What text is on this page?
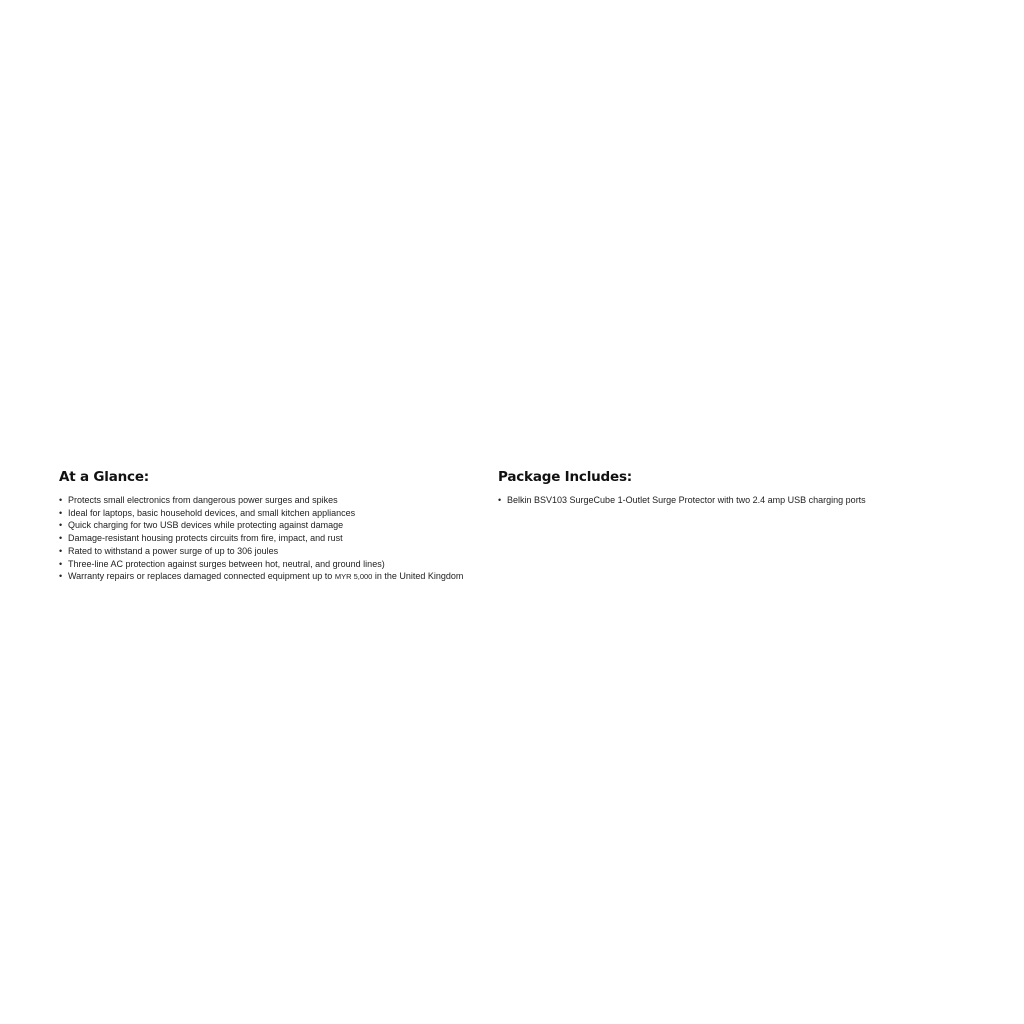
At a Glance:
• Protects small electronics from dangerous power surges and spikes
• Ideal for laptops, basic household devices, and small kitchen appliances
• Quick charging for two USB devices while protecting against damage
• Damage-resistant housing protects circuits from fire, impact, and rust
• Rated to withstand a power surge of up to 306 joules
• Three-line AC protection against surges between hot, neutral, and ground lines)
• Warranty repairs or replaces damaged connected equipment up to MYR 5,000 in the United Kingdom
Package Includes:
• Belkin BSV103 SurgeCube 1-Outlet Surge Protector with two 2.4 amp USB charging ports
